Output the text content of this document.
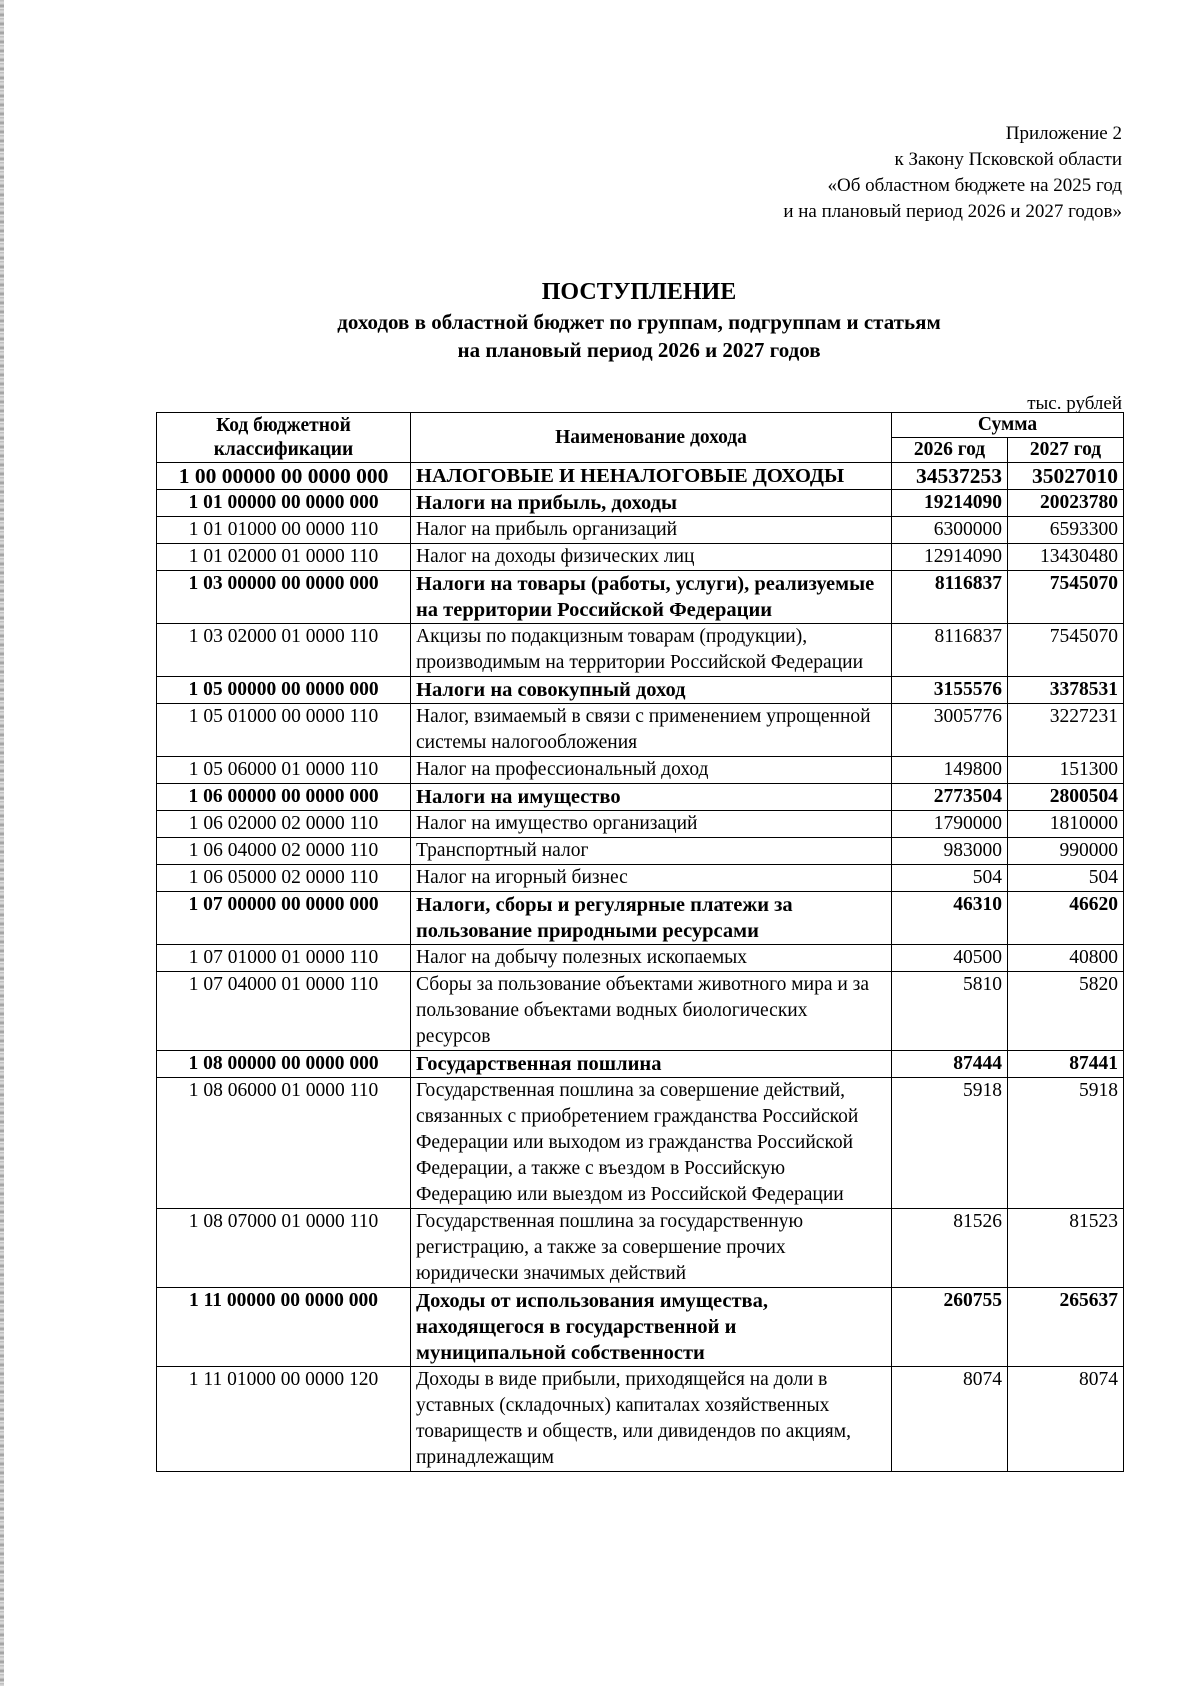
Приложение 2
к Закону Псковской области
«Об областном бюджете на 2025 год
и на плановый период 2026 и 2027 годов»
ПОСТУПЛЕНИЕ
доходов в областной бюджет по группам, подгруппам и статьям
на плановый период 2026 и 2027 годов
тыс. рублей
Код бюджетной классификации	Наименование дохода	Сумма	
		2026 год	2027 год
1 00 00000 00 0000 000	НАЛОГОВЫЕ И НЕНАЛОГОВЫЕ ДОХОДЫ	34537253	35027010
1 01 00000 00 0000 000	Налоги на прибыль, доходы	19214090	20023780
1 01 01000 00 0000 110	Налог на прибыль организаций	6300000	6593300
1 01 02000 01 0000 110	Налог на доходы физических лиц	12914090	13430480
1 03 00000 00 0000 000	Налоги на товары (работы, услуги), реализуемые на территории Российской Федерации	8116837	7545070
1 03 02000 01 0000 110	Акцизы по подакцизным товарам (продукции), производимым на территории Российской Федерации	8116837	7545070
1 05 00000 00 0000 000	Налоги на совокупный доход	3155576	3378531
1 05 01000 00 0000 110	Налог, взимаемый в связи с применением упрощенной системы налогообложения	3005776	3227231
1 05 06000 01 0000 110	Налог на профессиональный доход	149800	151300
1 06 00000 00 0000 000	Налоги на имущество	2773504	2800504
1 06 02000 02 0000 110	Налог на имущество организаций	1790000	1810000
1 06 04000 02 0000 110	Транспортный налог	983000	990000
1 06 05000 02 0000 110	Налог на игорный бизнес	504	504
1 07 00000 00 0000 000	Налоги, сборы и регулярные платежи за пользование природными ресурсами	46310	46620
1 07 01000 01 0000 110	Налог на добычу полезных ископаемых	40500	40800
1 07 04000 01 0000 110	Сборы за пользование объектами животного мира и за пользование объектами водных биологических ресурсов	5810	5820
1 08 00000 00 0000 000	Государственная пошлина	87444	87441
1 08 06000 01 0000 110	Государственная пошлина за совершение действий, связанных с приобретением гражданства Российской Федерации или выходом из гражданства Российской Федерации, а также с въездом в Российскую Федерацию или выездом из Российской Федерации	5918	5918
1 08 07000 01 0000 110	Государственная пошлина за государственную регистрацию, а также за совершение прочих юридически значимых действий	81526	81523
1 11 00000 00 0000 000	Доходы от использования имущества, находящегося в государственной и муниципальной собственности	260755	265637
1 11 01000 00 0000 120	Доходы в виде прибыли, приходящейся на доли в уставных (складочных) капиталах хозяйственных товариществ и обществ, или дивидендов по акциям, принадлежащим	8074	8074
